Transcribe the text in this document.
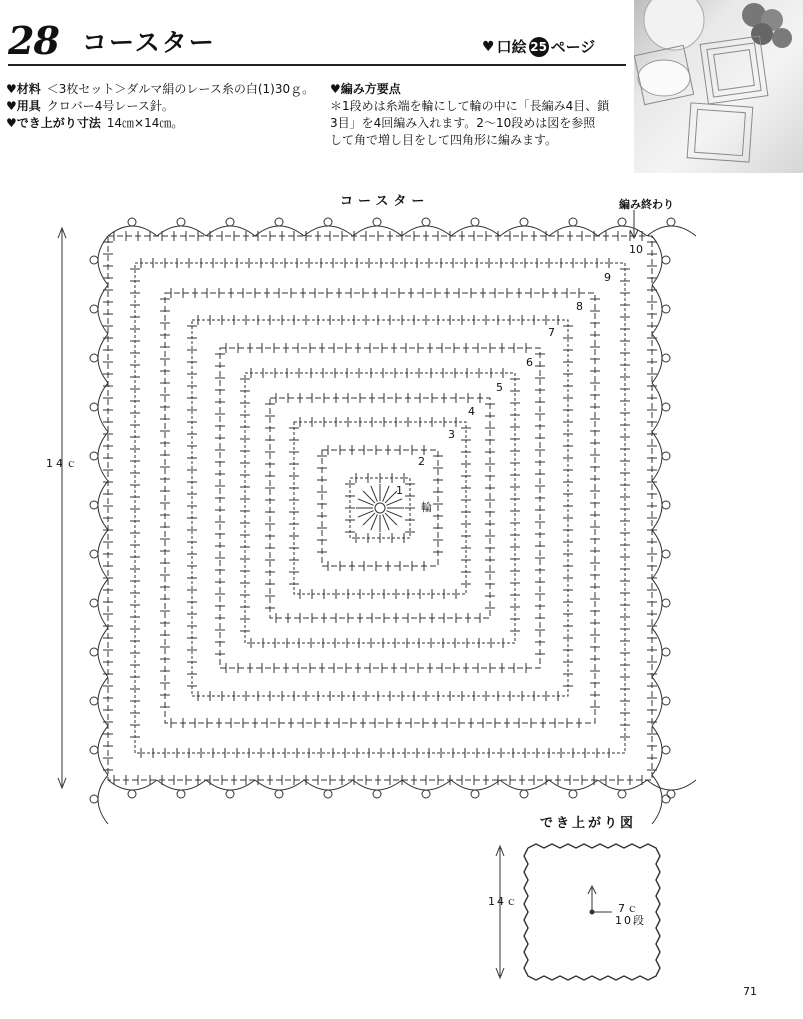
28 コースター	♥ 口絵 25 ページ
♥材料 ＜3枚セット＞ダルマ絹のレース糸の白(1)30ｇ。
♥用具 クロバー4号レース針。
♥でき上がり寸法 14㎝×14㎝。
♥編み方要点
＊1段めは糸端を輪にして輪の中に「長編み4目、鎖
3目」を4回編み入れます。2～10段めは図を参照
して角で増し目をして四角形に編みます。
コースター	編み終わり
14ｃ
1
2
3
4
5
6
7
8
9
10
輪
でき上がり図
14ｃ
7ｃ
10段
71
